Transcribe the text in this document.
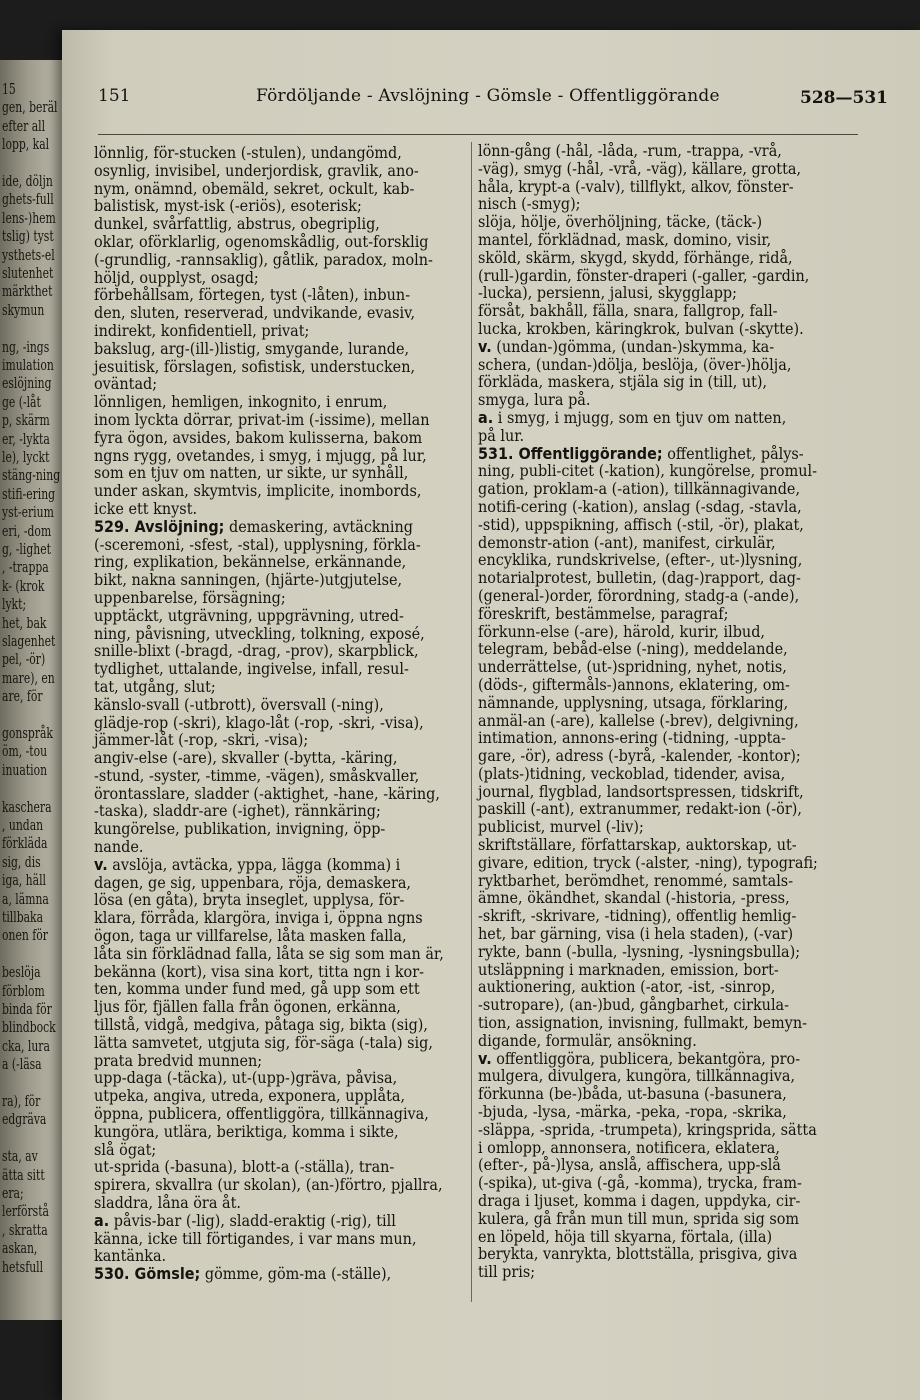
15
gen, beräl
efter all
lopp, kal
ide, döljn
ghets-full
lens-)hem
tslig) tyst
ysthets-el
slutenhet
märkthet
skymun
ng, -ings
imulation
eslöjning
ge (-låt
p, skärm
er, -lykta
le), lyckt
stäng-ning
stifi-ering
yst-erium
eri, -dom
g, -lighet
, -trappa
k- (krok
lykt;
het, bak
slagenhet
pel, -ör)
mare), en
are, för
gonspråk
öm, -tou
inuation
kaschera
, undan
förkläda
sig, dis
iga, häll
a, lämna
tillbaka
onen för
beslöja
förblom
binda för
blindbock
cka, lura
a (-läsa
ra), för
edgräva
sta, av
ätta sitt
era;
lerförstå
, skratta
askan,
hetsfull
151	Fördöljande - Avslöjning - Gömsle - Offentliggörande	528—531
lönnlig, för-stucken (-stulen), undangömd,
osynlig, invisibel, underjordisk, gravlik, ano-
nym, onämnd, obemäld, sekret, ockult, kab-
balistisk, myst-isk (-eriös), esoterisk;
dunkel, svårfattlig, abstrus, obegriplig,
oklar, oförklarlig, ogenomskådlig, out-forsklig
(-grundlig, -rannsaklig), gåtlik, paradox, moln-
höljd, oupplyst, osagd;
förbehållsam, förtegen, tyst (-låten), inbun-
den, sluten, reserverad, undvikande, evasiv,
indirekt, konfidentiell, privat;
bakslug, arg-(ill-)listig, smygande, lurande,
jesuitisk, förslagen, sofistisk, understucken,
oväntad;
lönnligen, hemligen, inkognito, i enrum,
inom lyckta dörrar, privat-im (-issime), mellan
fyra ögon, avsides, bakom kulisserna, bakom
ngns rygg, ovetandes, i smyg, i mjugg, på lur,
som en tjuv om natten, ur sikte, ur synhåll,
under askan, skymtvis, implicite, inombords,
icke ett knyst.
529. Avslöjning; demaskering, avtäckning
(-sceremoni, -sfest, -stal), upplysning, förkla-
ring, explikation, bekännelse, erkännande,
bikt, nakna sanningen, (hjärte-)utgjutelse,
uppenbarelse, försägning;
upptäckt, utgrävning, uppgrävning, utred-
ning, påvisning, utveckling, tolkning, exposé,
snille-blixt (-bragd, -drag, -prov), skarpblick,
tydlighet, uttalande, ingivelse, infall, resul-
tat, utgång, slut;
känslo-svall (-utbrott), översvall (-ning),
glädje-rop (-skri), klago-låt (-rop, -skri, -visa),
jämmer-låt (-rop, -skri, -visa);
angiv-else (-are), skvaller (-bytta, -käring,
-stund, -syster, -timme, -vägen), småskvaller,
örontasslare, sladder (-aktighet, -hane, -käring,
-taska), sladdr-are (-ighet), rännkäring;
kungörelse, publikation, invigning, öpp-
nande.
v. avslöja, avtäcka, yppa, lägga (komma) i
dagen, ge sig, uppenbara, röja, demaskera,
lösa (en gåta), bryta inseglet, upplysa, för-
klara, förråda, klargöra, inviga i, öppna ngns
ögon, taga ur villfarelse, låta masken falla,
låta sin förklädnad falla, låta se sig som man är,
bekänna (kort), visa sina kort, titta ngn i kor-
ten, komma under fund med, gå upp som ett
ljus för, fjällen falla från ögonen, erkänna,
tillstå, vidgå, medgiva, påtaga sig, bikta (sig),
lätta samvetet, utgjuta sig, för-säga (-tala) sig,
prata bredvid munnen;
upp-daga (-täcka), ut-(upp-)gräva, påvisa,
utpeka, angiva, utreda, exponera, upplåta,
öppna, publicera, offentliggöra, tillkännagiva,
kungöra, utlära, beriktiga, komma i sikte,
slå ögat;
ut-sprida (-basuna), blott-a (-ställa), tran-
spirera, skvallra (ur skolan), (an-)förtro, pjallra,
sladdra, låna öra åt.
a. påvis-bar (-lig), sladd-eraktig (-rig), till
känna, icke till förtigandes, i var mans mun,
kantänka.
530. Gömsle; gömme, göm-ma (-ställe),
lönn-gång (-hål, -låda, -rum, -trappa, -vrå,
-väg), smyg (-hål, -vrå, -väg), källare, grotta,
håla, krypt-a (-valv), tillflykt, alkov, fönster-
nisch (-smyg);
slöja, hölje, överhöljning, täcke, (täck-)
mantel, förklädnad, mask, domino, visir,
sköld, skärm, skygd, skydd, förhänge, ridå,
(rull-)gardin, fönster-draperi (-galler, -gardin,
-lucka), persienn, jalusi, skygglapp;
försåt, bakhåll, fälla, snara, fallgrop, fall-
lucka, krokben, käringkrok, bulvan (-skytte).
v. (undan-)gömma, (undan-)skymma, ka-
schera, (undan-)dölja, beslöja, (över-)hölja,
förkläda, maskera, stjäla sig in (till, ut),
smyga, lura på.
a. i smyg, i mjugg, som en tjuv om natten,
på lur.
531. Offentliggörande; offentlighet, pålys-
ning, publi-citet (-kation), kungörelse, promul-
gation, proklam-a (-ation), tillkännagivande,
notifi-cering (-kation), anslag (-sdag, -stavla,
-stid), uppspikning, affisch (-stil, -ör), plakat,
demonstr-ation (-ant), manifest, cirkulär,
encyklika, rundskrivelse, (efter-, ut-)lysning,
notarialprotest, bulletin, (dag-)rapport, dag-
(general-)order, förordning, stadg-a (-ande),
föreskrift, bestämmelse, paragraf;
förkunn-else (-are), härold, kurir, ilbud,
telegram, bebåd-else (-ning), meddelande,
underrättelse, (ut-)spridning, nyhet, notis,
(döds-, giftermåls-)annons, eklatering, om-
nämnande, upplysning, utsaga, förklaring,
anmäl-an (-are), kallelse (-brev), delgivning,
intimation, annons-ering (-tidning, -uppta-
gare, -ör), adress (-byrå, -kalender, -kontor);
(plats-)tidning, veckoblad, tidender, avisa,
journal, flygblad, landsortspressen, tidskrift,
paskill (-ant), extranummer, redakt-ion (-ör),
publicist, murvel (-liv);
skriftställare, författarskap, auktorskap, ut-
givare, edition, tryck (-alster, -ning), typografi;
ryktbarhet, berömdhet, renommé, samtals-
ämne, ökändhet, skandal (-historia, -press,
-skrift, -skrivare, -tidning), offentlig hemlig-
het, bar gärning, visa (i hela staden), (-var)
rykte, bann (-bulla, -lysning, -lysningsbulla);
utsläppning i marknaden, emission, bort-
auktionering, auktion (-ator, -ist, -sinrop,
-sutropare), (an-)bud, gångbarhet, cirkula-
tion, assignation, invisning, fullmakt, bemyn-
digande, formulär, ansökning.
v. offentliggöra, publicera, bekantgöra, pro-
mulgera, divulgera, kungöra, tillkännagiva,
förkunna (be-)båda, ut-basuna (-basunera,
-bjuda, -lysa, -märka, -peka, -ropa, -skrika,
-släppa, -sprida, -trumpeta), kringsprida, sätta
i omlopp, annonsera, notificera, eklatera,
(efter-, på-)lysa, anslå, affischera, upp-slå
(-spika), ut-giva (-gå, -komma), trycka, fram-
draga i ljuset, komma i dagen, uppdyka, cir-
kulera, gå från mun till mun, sprida sig som
en löpeld, höja till skyarna, förtala, (illa)
berykta, vanrykta, blottställa, prisgiva, giva
till pris;
